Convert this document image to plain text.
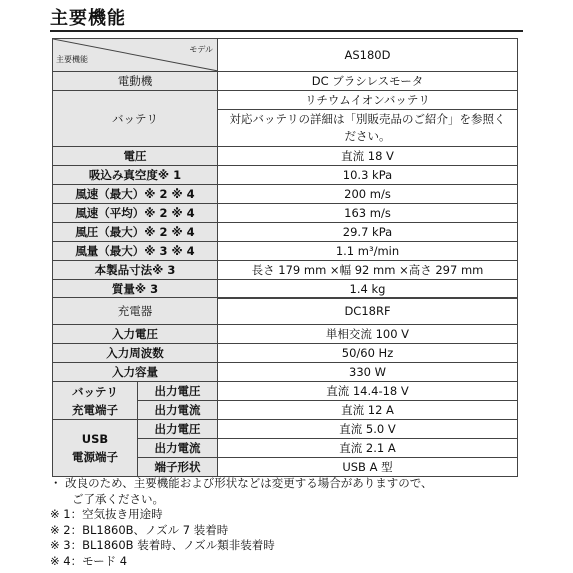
主要機能
モデル
主要機能	AS180D
電動機	DC ブラシレスモータ
バッテリ	リチウムイオンバッテリ
	対応バッテリの詳細は「別販売品のご紹介」を参照ください。
電圧	直流 18 V
吸込み真空度※ 1	10.3 kPa
風速（最大）※ 2 ※ 4	200 m/s
風速（平均）※ 2 ※ 4	163 m/s
風圧（最大）※ 2 ※ 4	29.7 kPa
風量（最大）※ 3 ※ 4	1.1 m³/min
本製品寸法※ 3	長さ 179 mm ×幅 92 mm ×高さ 297 mm
質量※ 3	1.4 kg
充電器		DC18RF
入力電圧		単相交流 100 V
入力周波数		50/60 Hz
入力容量		330 W

バッテリ
充電端子	出力電圧	直流 14.4-18 V
	出力電流	直流 12 A

USB
電源端子	出力電圧	直流 5.0 V
	出力電流	直流 2.1 A
	端子形状	USB A 型
・ 改良のため、主要機能および形状などは変更する場合がありますので、
ご了承ください。
※ 1：空気抜き用途時
※ 2：BL1860B、ノズル 7 装着時
※ 3：BL1860B 装着時、ノズル類非装着時
※ 4：モード 4
